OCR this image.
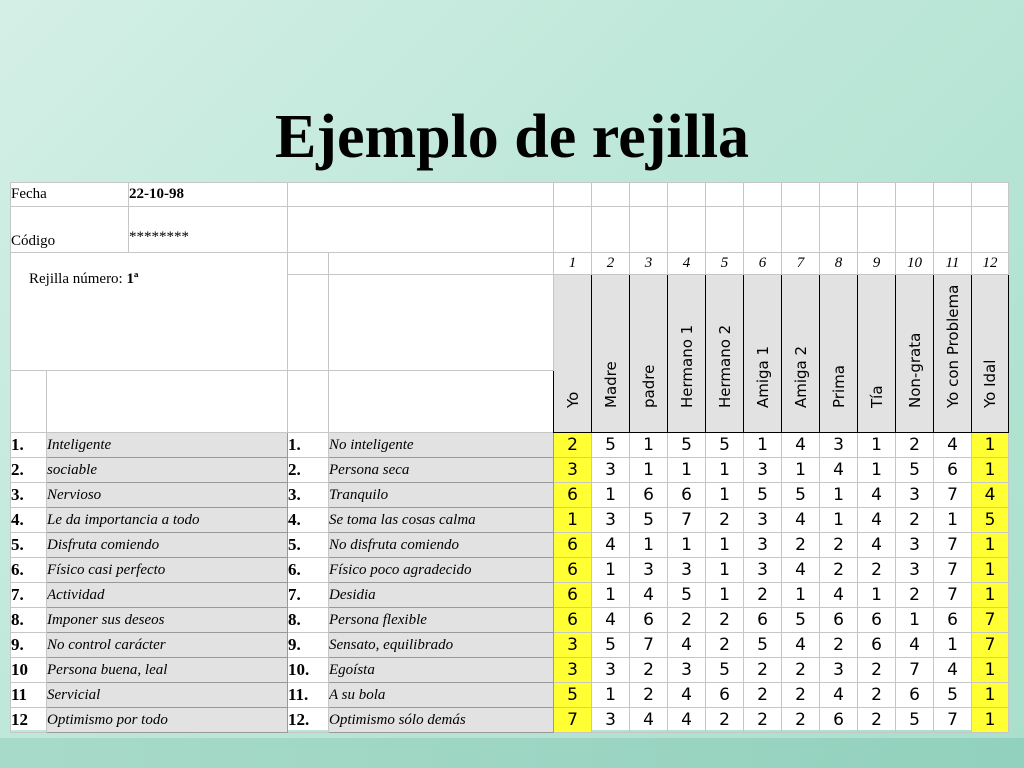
Ejemplo de rejilla
Fecha		22-10-98														
Código		********														
Rejilla número: 1ª					1	2	3	4	5	6	7	8	9	10	11	12

					Yo	Madre	padre	Hermano 1	Hermano 2	Amiga 1	Amiga 2	Prima	Tía	Non-grata	Yo con Problema	Yo Idal

1.	Inteligente		1.	No inteligente	2	5	1	5	5	1	4	3	1	2	4	1
2.	sociable		2.	Persona seca	3	3	1	1	1	3	1	4	1	5	6	1
3.	Nervioso		3.	Tranquilo	6	1	6	6	1	5	5	1	4	3	7	4
4.	Le da importancia a todo		4.	Se toma las cosas calma	1	3	5	7	2	3	4	1	4	2	1	5
5.	Disfruta comiendo		5.	No disfruta comiendo	6	4	1	1	1	3	2	2	4	3	7	1
6.	Físico casi perfecto		6.	Físico poco agradecido	6	1	3	3	1	3	4	2	2	3	7	1
7.	Actividad		7.	Desidia	6	1	4	5	1	2	1	4	1	2	7	1
8.	Imponer sus deseos		8.	Persona flexible	6	4	6	2	2	6	5	6	6	1	6	7
9.	No control carácter		9.	Sensato, equilibrado	3	5	7	4	2	5	4	2	6	4	1	7
10	Persona buena, leal		10.	Egoísta	3	3	2	3	5	2	2	3	2	7	4	1
11	Servicial		11.	A su bola	5	1	2	4	6	2	2	4	2	6	5	1
12	Optimismo por todo		12.	Optimismo sólo demás	7	3	4	4	2	2	2	6	2	5	7	1
